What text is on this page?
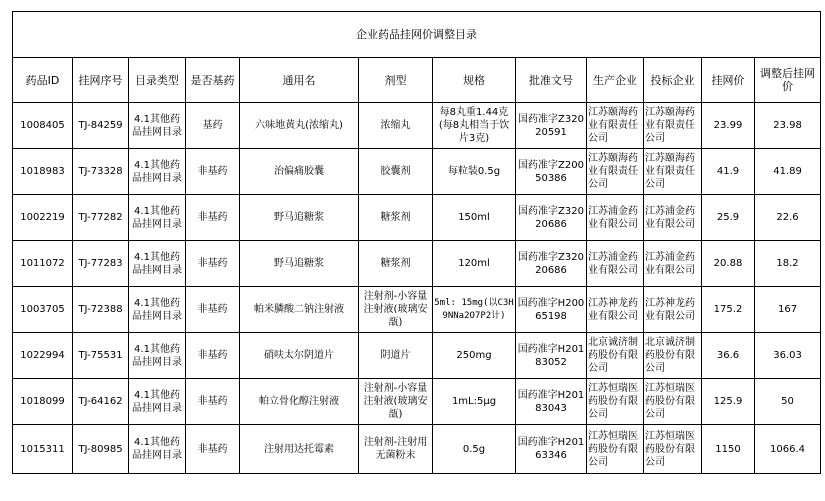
企业药品挂网价调整目录											
药品ID	挂网序号	目录类型	是否基药	通用名	剂型	规格	批准文号	生产企业	投标企业	挂网价	调整后挂网价
1008405	TJ-84259	4.1其他药品挂网目录	基药	六味地黄丸(浓缩丸)	浓缩丸	每8丸重1.44克(每8丸相当于饮片3克)	国药准字Z32020591	江苏颐海药业有限责任公司	江苏颐海药业有限责任公司	23.99	23.98
1018983	TJ-73328	4.1其他药品挂网目录	非基药	治偏痛胶囊	胶囊剂	每粒装0.5g	国药准字Z20050386	江苏颐海药业有限责任公司	江苏颐海药业有限责任公司	41.9	41.89
1002219	TJ-77282	4.1其他药品挂网目录	非基药	野马追糖浆	糖浆剂	150ml	国药准字Z32020686	江苏浦金药业有限公司	江苏浦金药业有限公司	25.9	22.6
1011072	TJ-77283	4.1其他药品挂网目录	非基药	野马追糖浆	糖浆剂	120ml	国药准字Z32020686	江苏浦金药业有限公司	江苏浦金药业有限公司	20.88	18.2
1003705	TJ-72388	4.1其他药品挂网目录	非基药	帕米膦酸二钠注射液	注射剂-小容量注射液(玻璃安瓿)	5ml: 15mg(以C3H9NNa2O7P2计)	国药准字H20065198	江苏神龙药业有限公司	江苏神龙药业有限公司	175.2	167
1022994	TJ-75531	4.1其他药品挂网目录	非基药	硝呋太尔阴道片	阴道片	250mg	国药准字H20183052	北京诚济制药股份有限公司	北京诚济制药股份有限公司	36.6	36.03
1018099	TJ-64162	4.1其他药品挂网目录	非基药	帕立骨化醇注射液	注射剂-小容量注射液(玻璃安瓿)	1mL:5μg	国药准字H20183043	江苏恒瑞医药股份有限公司	江苏恒瑞医药股份有限公司	125.9	50
1015311	TJ-80985	4.1其他药品挂网目录	非基药	注射用达托霉素	注射剂-注射用无菌粉末	0.5g	国药准字H20163346	江苏恒瑞医药股份有限公司	江苏恒瑞医药股份有限公司	1150	1066.4
